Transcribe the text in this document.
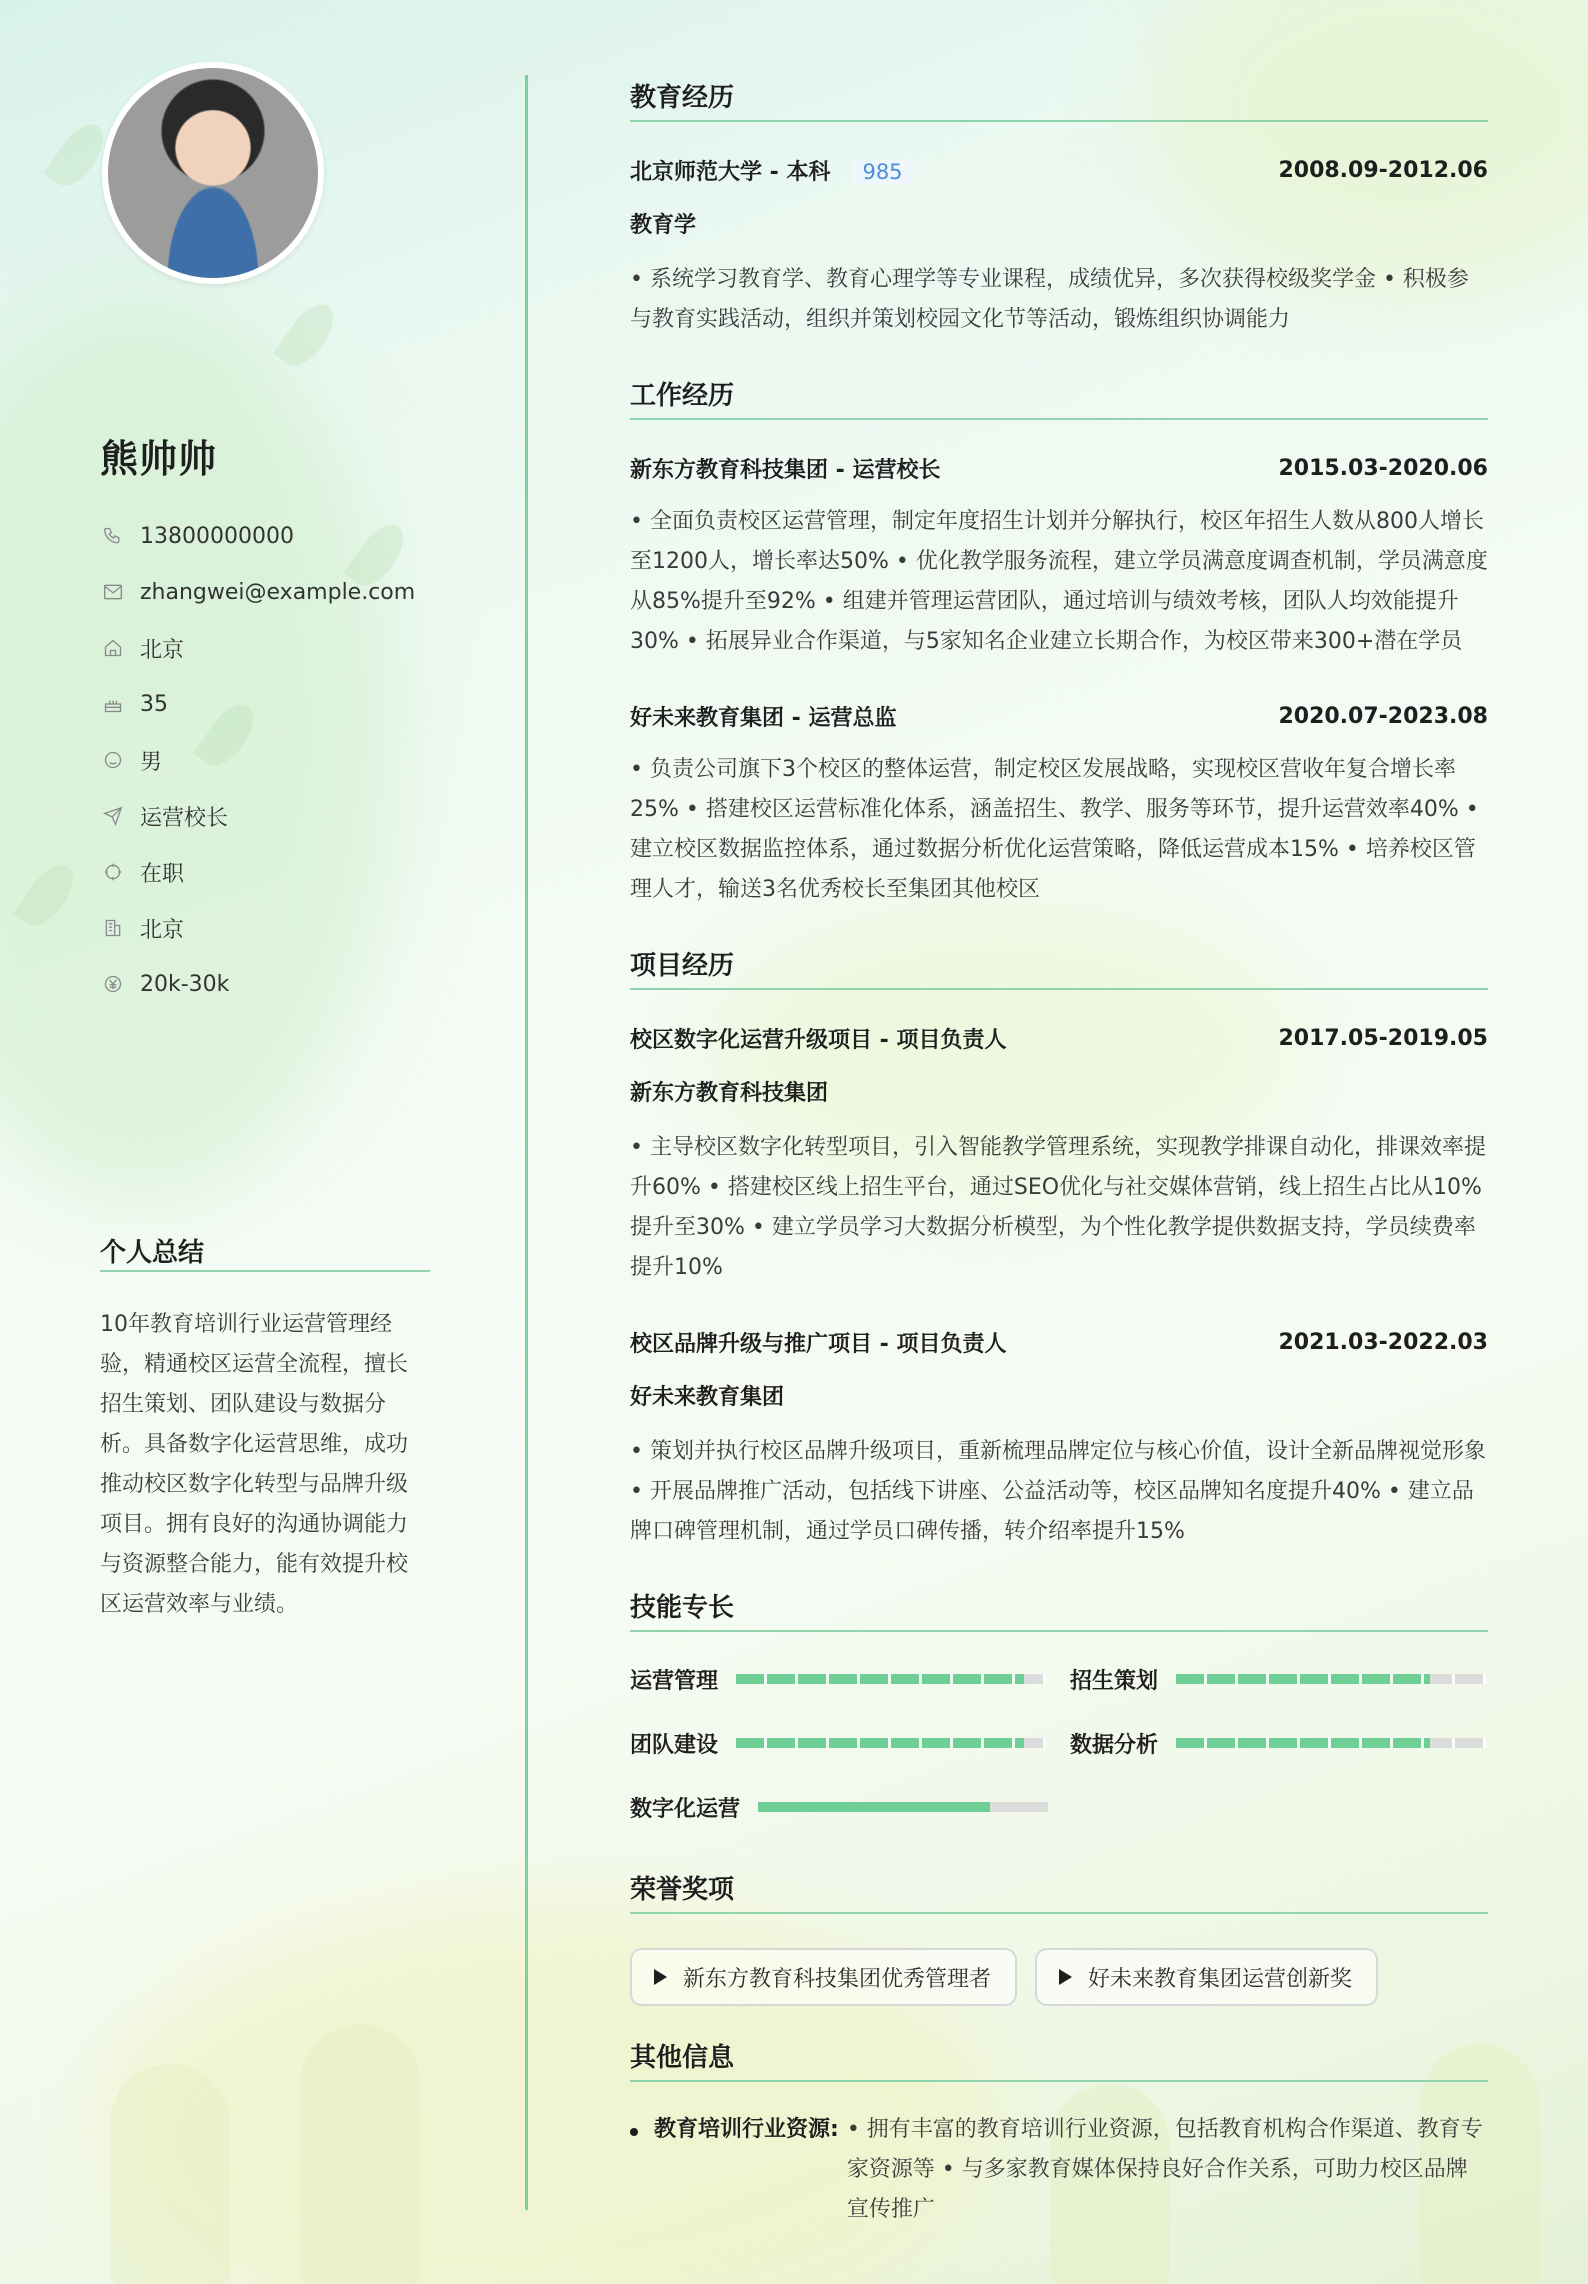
熊帅帅
13800000000
zhangwei@example.com
北京
35
男
运营校长
在职
北京
20k-30k
个人总结
10年教育培训行业运营管理经验，精通校区运营全流程，擅长招生策划、团队建设与数据分析。具备数字化运营思维，成功推动校区数字化转型与品牌升级项目。拥有良好的沟通协调能力与资源整合能力，能有效提升校区运营效率与业绩。
教育经历
北京师范大学 - 本科 985	2008.09-2012.06
教育学
• 系统学习教育学、教育心理学等专业课程，成绩优异，多次获得校级奖学金 • 积极参与教育实践活动，组织并策划校园文化节等活动，锻炼组织协调能力
工作经历
新东方教育科技集团 - 运营校长	2015.03-2020.06
• 全面负责校区运营管理，制定年度招生计划并分解执行，校区年招生人数从800人增长至1200人，增长率达50% • 优化教学服务流程，建立学员满意度调查机制，学员满意度从85%提升至92% • 组建并管理运营团队，通过培训与绩效考核，团队人均效能提升30% • 拓展异业合作渠道，与5家知名企业建立长期合作，为校区带来300+潜在学员
好未来教育集团 - 运营总监	2020.07-2023.08
• 负责公司旗下3个校区的整体运营，制定校区发展战略，实现校区营收年复合增长率25% • 搭建校区运营标准化体系，涵盖招生、教学、服务等环节，提升运营效率40% • 建立校区数据监控体系，通过数据分析优化运营策略，降低运营成本15% • 培养校区管理人才，输送3名优秀校长至集团其他校区
项目经历
校区数字化运营升级项目 - 项目负责人	2017.05-2019.05
新东方教育科技集团
• 主导校区数字化转型项目，引入智能教学管理系统，实现教学排课自动化，排课效率提升60% • 搭建校区线上招生平台，通过SEO优化与社交媒体营销，线上招生占比从10%提升至30% • 建立学员学习大数据分析模型，为个性化教学提供数据支持，学员续费率提升10%
校区品牌升级与推广项目 - 项目负责人	2021.03-2022.03
好未来教育集团
• 策划并执行校区品牌升级项目，重新梳理品牌定位与核心价值，设计全新品牌视觉形象 • 开展品牌推广活动，包括线下讲座、公益活动等，校区品牌知名度提升40% • 建立品牌口碑管理机制，通过学员口碑传播，转介绍率提升15%
技能专长
运营管理	招生策划
团队建设	数据分析
数字化运营
荣誉奖项
新东方教育科技集团优秀管理者	好未来教育集团运营创新奖
其他信息
教育培训行业资源: • 拥有丰富的教育培训行业资源，包括教育机构合作渠道、教育专家资源等 • 与多家教育媒体保持良好合作关系，可助力校区品牌宣传推广
